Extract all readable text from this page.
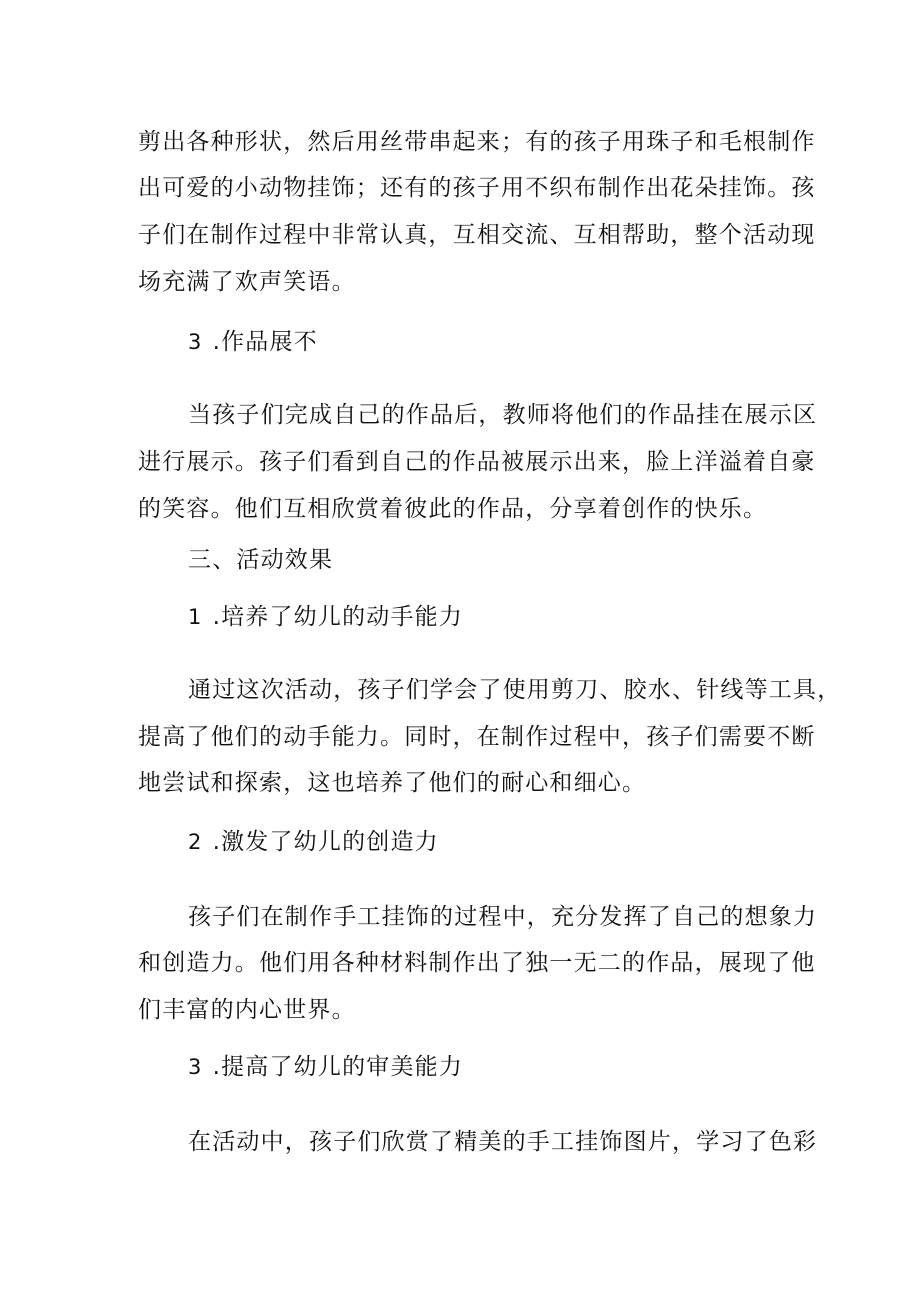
剪出各种形状，然后用丝带串起来；有的孩子用珠子和毛根制作
出可爱的小动物挂饰；还有的孩子用不织布制作出花朵挂饰。孩
子们在制作过程中非常认真，互相交流、互相帮助，整个活动现
场充满了欢声笑语。
3 .作品展不
当孩子们完成自己的作品后，教师将他们的作品挂在展示区
进行展示。孩子们看到自己的作品被展示出来，脸上洋溢着自豪
的笑容。他们互相欣赏着彼此的作品，分享着创作的快乐。
三、活动效果
1 .培养了幼儿的动手能力
通过这次活动，孩子们学会了使用剪刀、胶水、针线等工具，
提高了他们的动手能力。同时，在制作过程中，孩子们需要不断
地尝试和探索，这也培养了他们的耐心和细心。
2 .激发了幼儿的创造力
孩子们在制作手工挂饰的过程中，充分发挥了自己的想象力
和创造力。他们用各种材料制作出了独一无二的作品，展现了他
们丰富的内心世界。
3 .提高了幼儿的审美能力
在活动中，孩子们欣赏了精美的手工挂饰图片，学习了色彩
